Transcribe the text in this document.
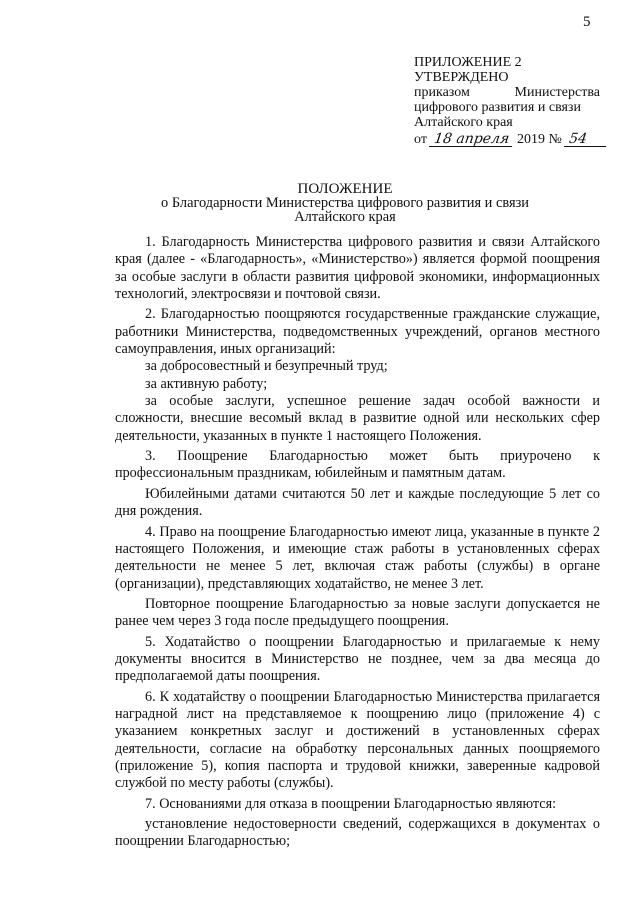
5
ПРИЛОЖЕНИЕ 2
УТВЕРЖДЕНО
приказом	Министерства
цифрового развития и связи
Алтайского края
от 18 апреля 2019 № 54
ПОЛОЖЕНИЕ
о Благодарности Министерства цифрового развития и связи
Алтайского края

1. Благодарность Министерства цифрового развития и связи Алтайского края (далее - «Благодарность», «Министерство») является формой поощрения за особые заслуги в области развития цифровой экономики, информационных технологий, электросвязи и почтовой связи.

2. Благодарностью поощряются государственные гражданские служащие, работники Министерства, подведомственных учреждений, органов местного самоуправления, иных организаций:

за добросовестный и безупречный труд;

за активную работу;

за особые заслуги, успешное решение задач особой важности и сложности, внесшие весомый вклад в развитие одной или нескольких сфер деятельности, указанных в пункте 1 настоящего Положения.

3. Поощрение Благодарностью может быть приурочено к профессиональным праздникам, юбилейным и памятным датам.

Юбилейными датами считаются 50 лет и каждые последующие 5 лет со дня рождения.

4. Право на поощрение Благодарностью имеют лица, указанные в пункте 2 настоящего Положения, и имеющие стаж работы в установленных сферах деятельности не менее 5 лет, включая стаж работы (службы) в органе (организации), представляющих ходатайство, не менее 3 лет.

Повторное поощрение Благодарностью за новые заслуги допускается не ранее чем через 3 года после предыдущего поощрения.

5. Ходатайство о поощрении Благодарностью и прилагаемые к нему документы вносится в Министерство не позднее, чем за два месяца до предполагаемой даты поощрения.

6. К ходатайству о поощрении Благодарностью Министерства прилагается наградной лист на представляемое к поощрению лицо (приложение 4) с указанием конкретных заслуг и достижений в установленных сферах деятельности, согласие на обработку персональных данных поощряемого (приложение 5), копия паспорта и трудовой книжки, заверенные кадровой службой по месту работы (службы).

7. Основаниями для отказа в поощрении Благодарностью являются:

установление недостоверности сведений, содержащихся в документах о поощрении Благодарностью;
